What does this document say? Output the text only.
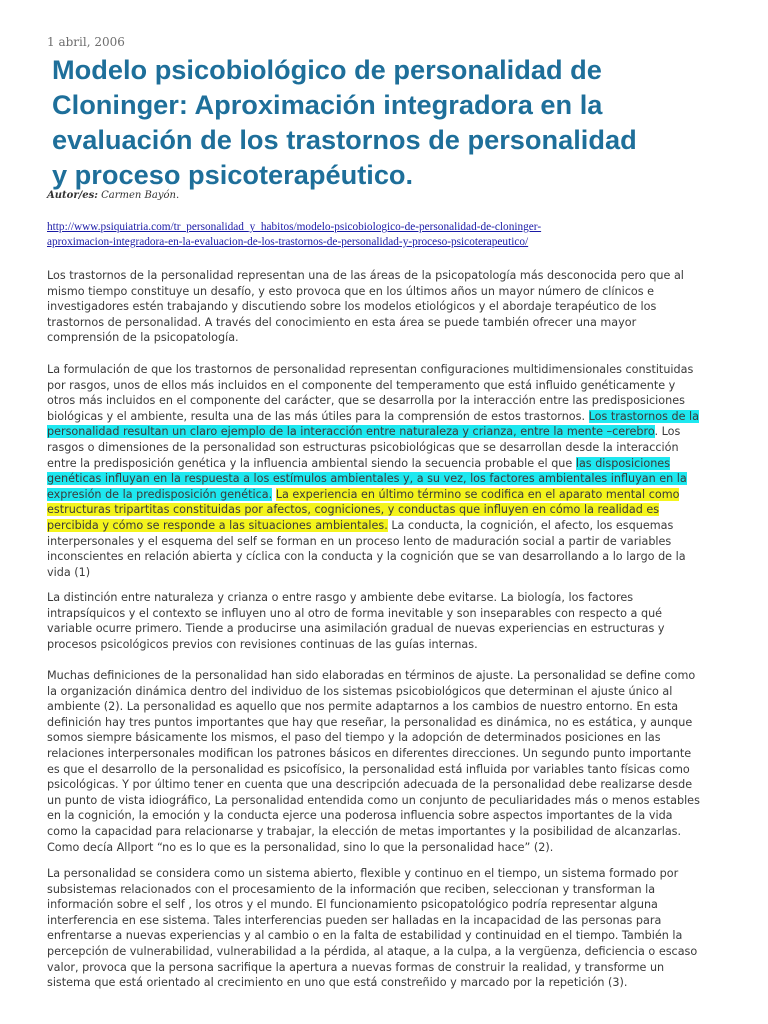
1 abril, 2006
Modelo psicobiológico de personalidad de
Cloninger: Aproximación integradora en la
evaluación de los trastornos de personalidad
y proceso psicoterapéutico.
Autor/es: Carmen Bayón.
http://www.psiquiatria.com/tr_personalidad_y_habitos/modelo-psicobiologico-de-personalidad-de-cloninger-
aproximacion-integradora-en-la-evaluacion-de-los-trastornos-de-personalidad-y-proceso-psicoterapeutico/
Los trastornos de la personalidad representan una de las áreas de la psicopatología más desconocida pero que al
mismo tiempo constituye un desafío, y esto provoca que en los últimos años un mayor número de clínicos e
investigadores estén trabajando y discutiendo sobre los modelos etiológicos y el abordaje terapéutico de los
trastornos de personalidad. A través del conocimiento en esta área se puede también ofrecer una mayor
comprensión de la psicopatología.
La formulación de que los trastornos de personalidad representan configuraciones multidimensionales constituidas
por rasgos, unos de ellos más incluidos en el componente del temperamento que está influido genéticamente y
otros más incluidos en el componente del carácter, que se desarrolla por la interacción entre las predisposiciones
biológicas y el ambiente, resulta una de las más útiles para la comprensión de estos trastornos. Los trastornos de la
personalidad resultan un claro ejemplo de la interacción entre naturaleza y crianza, entre la mente –cerebro. Los
rasgos o dimensiones de la personalidad son estructuras psicobiológicas que se desarrollan desde la interacción
entre la predisposición genética y la influencia ambiental siendo la secuencia probable el que las disposiciones
genéticas influyan en la respuesta a los estímulos ambientales y, a su vez, los factores ambientales influyan en la
expresión de la predisposición genética. La experiencia en último término se codifica en el aparato mental como
estructuras tripartitas constituidas por afectos, cogniciones, y conductas que influyen en cómo la realidad es
percibida y cómo se responde a las situaciones ambientales. La conducta, la cognición, el afecto, los esquemas
interpersonales y el esquema del self se forman en un proceso lento de maduración social a partir de variables
inconscientes en relación abierta y cíclica con la conducta y la cognición que se van desarrollando a lo largo de la
vida (1)
La distinción entre naturaleza y crianza o entre rasgo y ambiente debe evitarse. La biología, los factores
intrapsíquicos y el contexto se influyen uno al otro de forma inevitable y son inseparables con respecto a qué
variable ocurre primero. Tiende a producirse una asimilación gradual de nuevas experiencias en estructuras y
procesos psicológicos previos con revisiones continuas de las guías internas.
Muchas definiciones de la personalidad han sido elaboradas en términos de ajuste. La personalidad se define como
la organización dinámica dentro del individuo de los sistemas psicobiológicos que determinan el ajuste único al
ambiente (2). La personalidad es aquello que nos permite adaptarnos a los cambios de nuestro entorno. En esta
definición hay tres puntos importantes que hay que reseñar, la personalidad es dinámica, no es estática, y aunque
somos siempre básicamente los mismos, el paso del tiempo y la adopción de determinados posiciones en las
relaciones interpersonales modifican los patrones básicos en diferentes direcciones. Un segundo punto importante
es que el desarrollo de la personalidad es psicofísico, la personalidad está influida por variables tanto físicas como
psicológicas. Y por último tener en cuenta que una descripción adecuada de la personalidad debe realizarse desde
un punto de vista idiográfico, La personalidad entendida como un conjunto de peculiaridades más o menos estables
en la cognición, la emoción y la conducta ejerce una poderosa influencia sobre aspectos importantes de la vida
como la capacidad para relacionarse y trabajar, la elección de metas importantes y la posibilidad de alcanzarlas.
Como decía Allport “no es lo que es la personalidad, sino lo que la personalidad hace” (2).
La personalidad se considera como un sistema abierto, flexible y continuo en el tiempo, un sistema formado por
subsistemas relacionados con el procesamiento de la información que reciben, seleccionan y transforman la
información sobre el self , los otros y el mundo. El funcionamiento psicopatológico podría representar alguna
interferencia en ese sistema. Tales interferencias pueden ser halladas en la incapacidad de las personas para
enfrentarse a nuevas experiencias y al cambio o en la falta de estabilidad y continuidad en el tiempo. También la
percepción de vulnerabilidad, vulnerabilidad a la pérdida, al ataque, a la culpa, a la vergüenza, deficiencia o escaso
valor, provoca que la persona sacrifique la apertura a nuevas formas de construir la realidad, y transforme un
sistema que está orientado al crecimiento en uno que está constreñido y marcado por la repetición (3).
